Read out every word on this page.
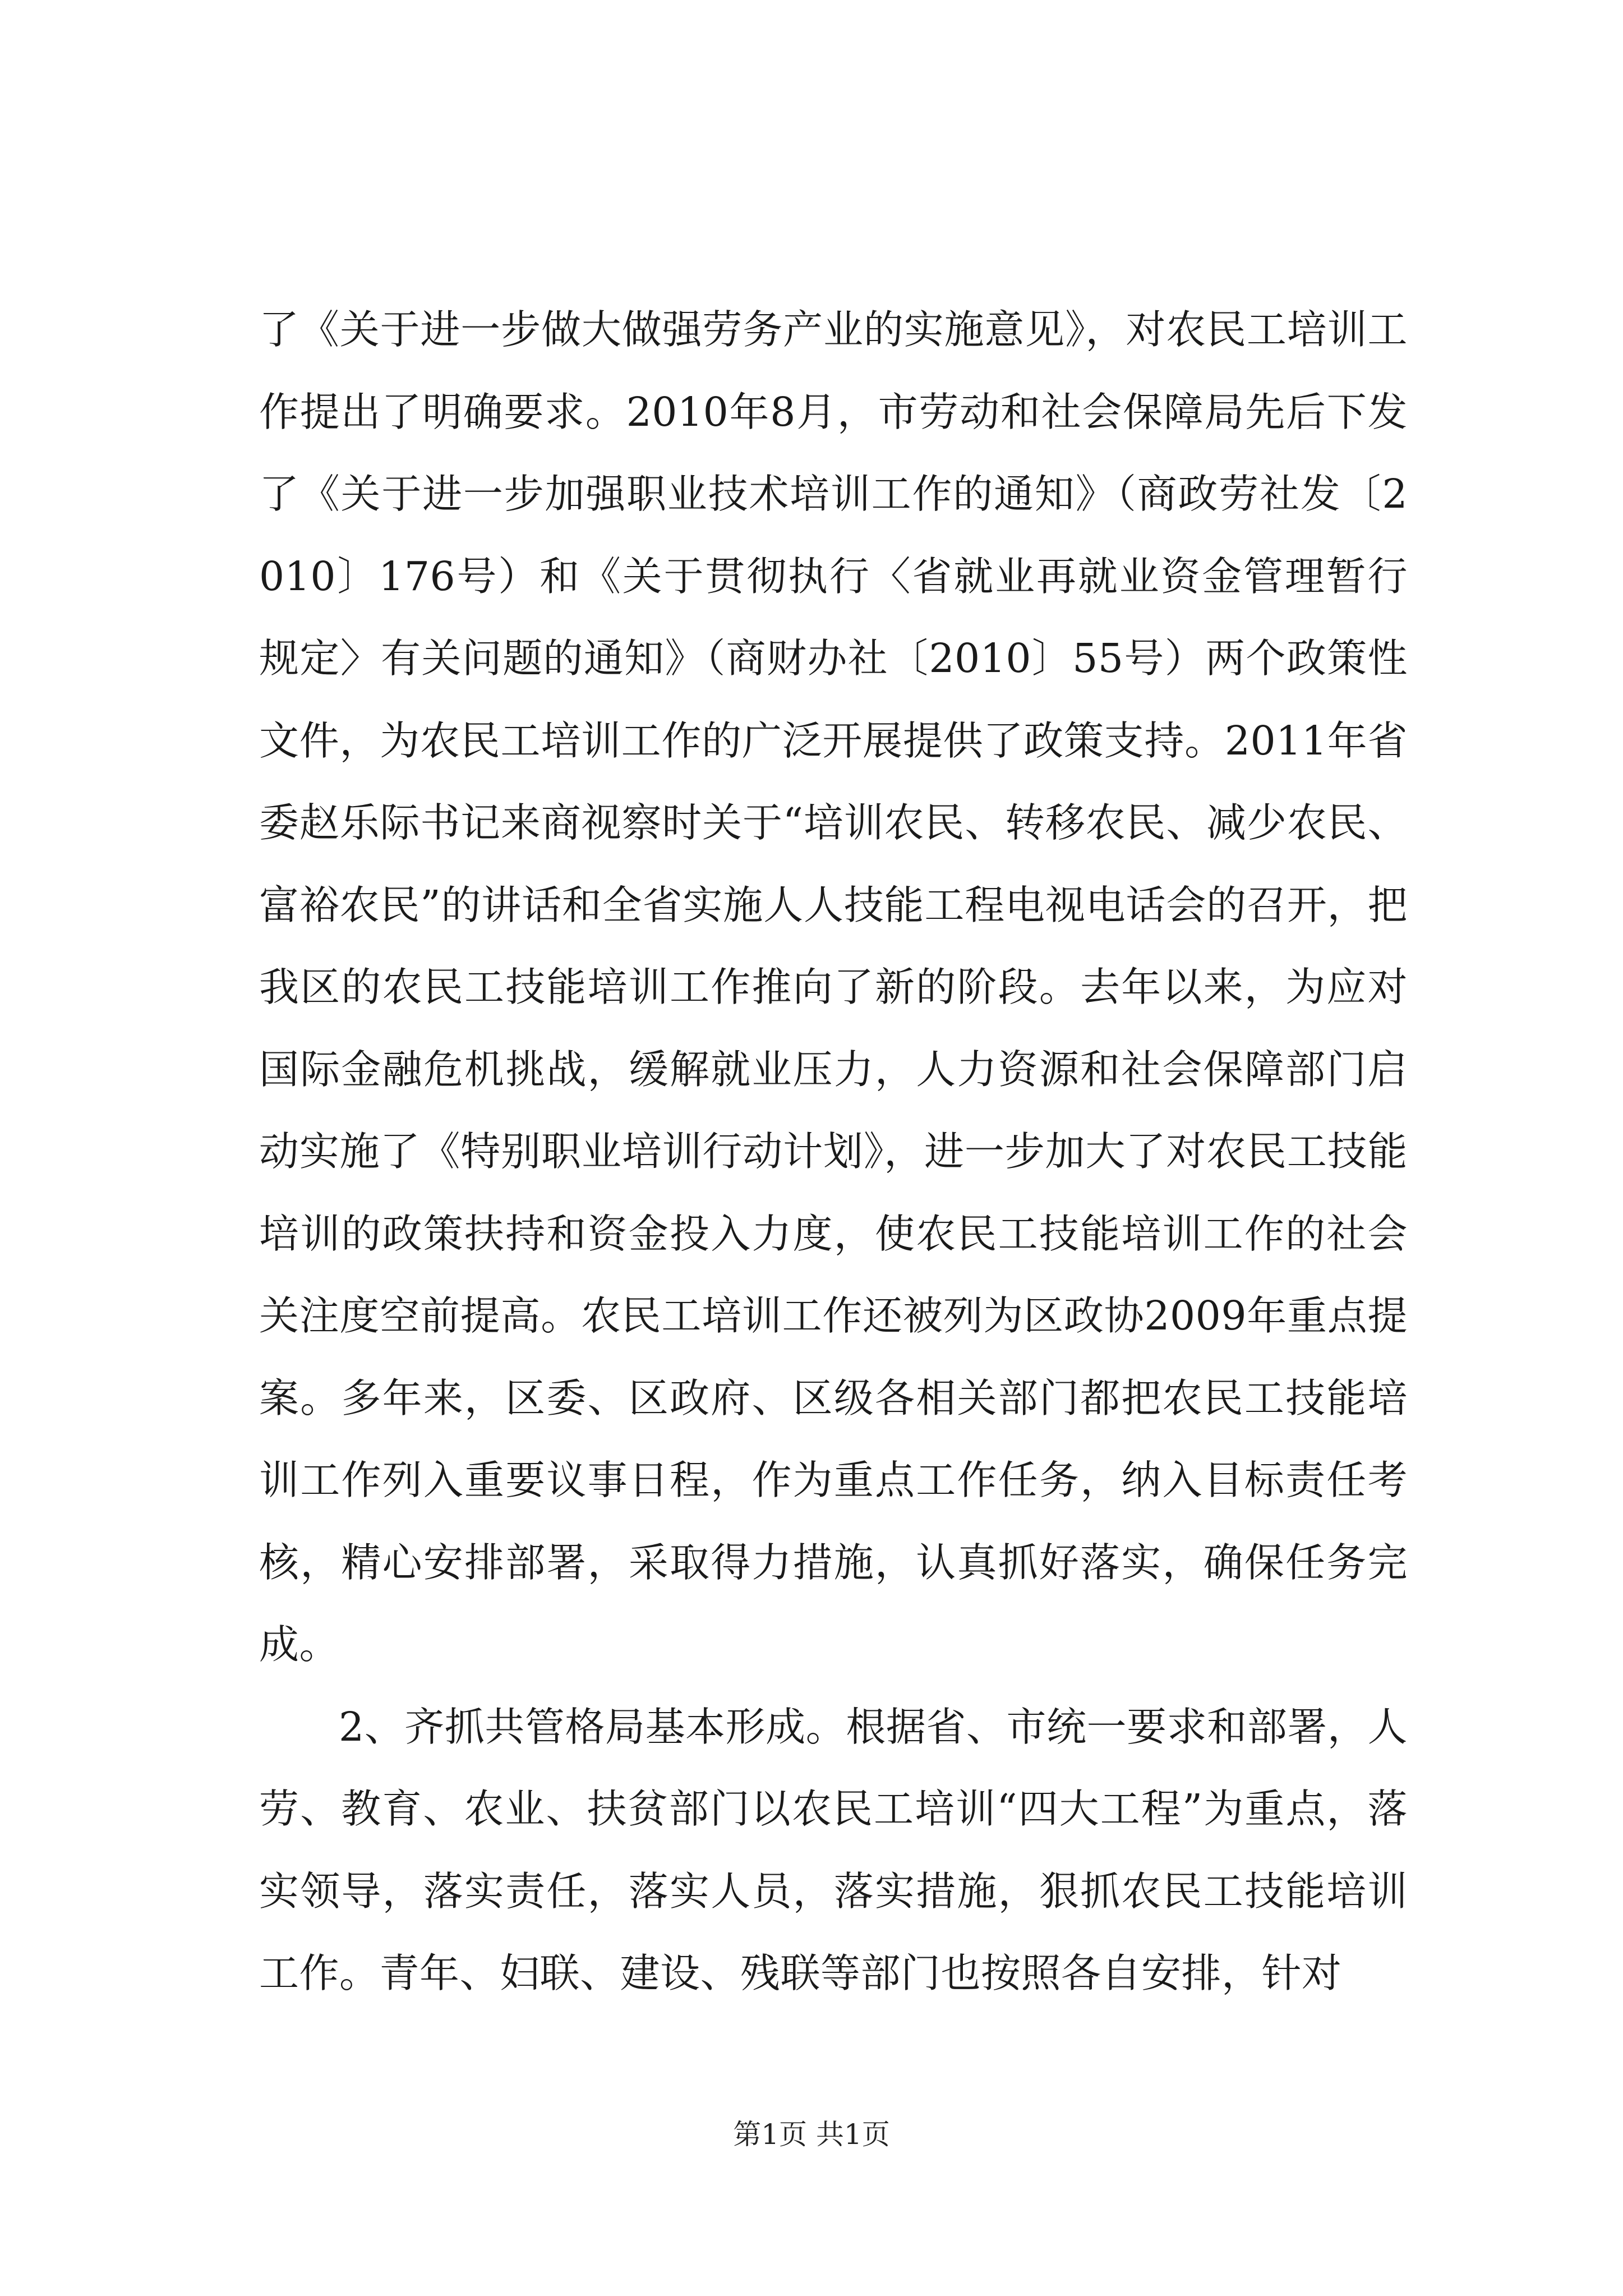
了《关于进一步做大做强劳务产业的实施意见》，对农民工培训工作提出了明确要求。2010年8月，市劳动和社会保障局先后下发了《关于进一步加强职业技术培训工作的通知》（商政劳社发〔2010〕176号）和《关于贯彻执行〈省就业再就业资金管理暂行规定〉有关问题的通知》（商财办社〔2010〕55号）两个政策性文件，为农民工培训工作的广泛开展提供了政策支持。2011年省委赵乐际书记来商视察时关于“培训农民、转移农民、减少农民、富裕农民”的讲话和全省实施人人技能工程电视电话会的召开，把我区的农民工技能培训工作推向了新的阶段。去年以来，为应对国际金融危机挑战，缓解就业压力，人力资源和社会保障部门启动实施了《特别职业培训行动计划》，进一步加大了对农民工技能培训的政策扶持和资金投入力度，使农民工技能培训工作的社会关注度空前提高。农民工培训工作还被列为区政协2009年重点提案。多年来，区委、区政府、区级各相关部门都把农民工技能培训工作列入重要议事日程，作为重点工作任务，纳入目标责任考核，精心安排部署，采取得力措施，认真抓好落实，确保任务完成。

2、齐抓共管格局基本形成。根据省、市统一要求和部署，人劳、教育、农业、扶贫部门以农民工培训“四大工程”为重点，落实领导，落实责任，落实人员，落实措施，狠抓农民工技能培训工作。青年、妇联、建设、残联等部门也按照各自安排，针对

第1页 共1页
